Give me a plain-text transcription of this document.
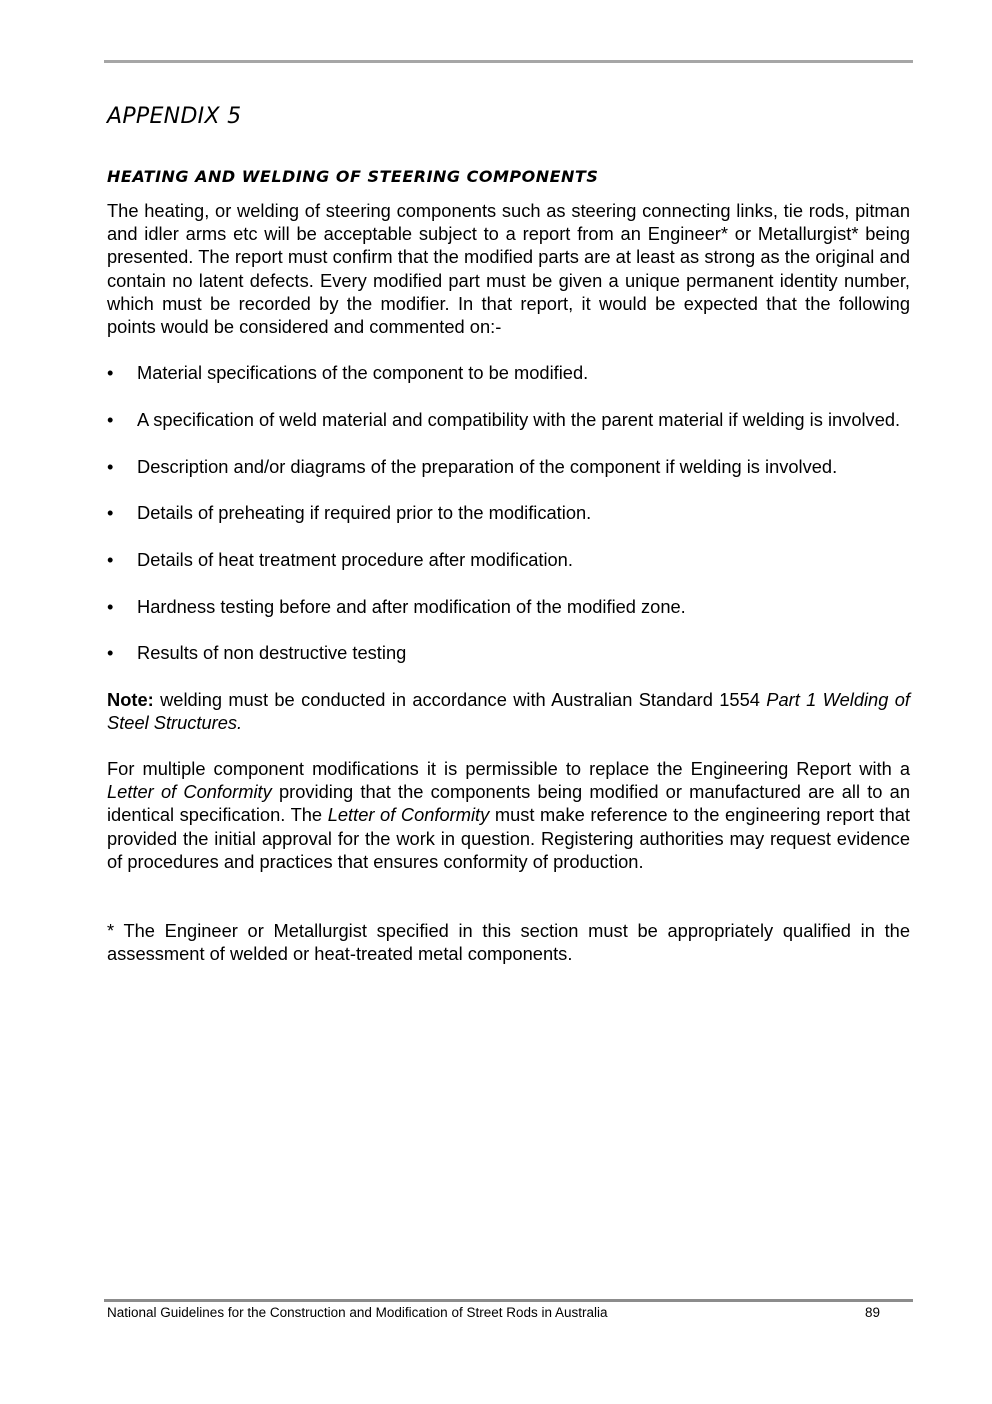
APPENDIX 5
HEATING AND WELDING OF STEERING COMPONENTS

The heating, or welding of steering components such as steering connecting links, tie rods, pitman and idler arms etc will be acceptable subject to a report from an Engineer* or Metallurgist* being presented. The report must confirm that the modified parts are at least as strong as the original and contain no latent defects. Every modified part must be given a unique permanent identity number, which must be recorded by the modifier. In that report, it would be expected that the following points would be considered and commented on:-

• Material specifications of the component to be modified.
• A specification of weld material and compatibility with the parent material if welding is involved.
• Description and/or diagrams of the preparation of the component if welding is involved.
• Details of preheating if required prior to the modification.
• Details of heat treatment procedure after modification.
• Hardness testing before and after modification of the modified zone.
• Results of non destructive testing

Note: welding must be conducted in accordance with Australian Standard 1554 Part 1 Welding of Steel Structures.

For multiple component modifications it is permissible to replace the Engineering Report with a Letter of Conformity providing that the components being modified or manufactured are all to an identical specification. The Letter of Conformity must make reference to the engineering report that provided the initial approval for the work in question. Registering authorities may request evidence of procedures and practices that ensures conformity of production.

* The Engineer or Metallurgist specified in this section must be appropriately qualified in the assessment of welded or heat-treated metal components.

National Guidelines for the Construction and Modification of Street Rods in Australia	89
